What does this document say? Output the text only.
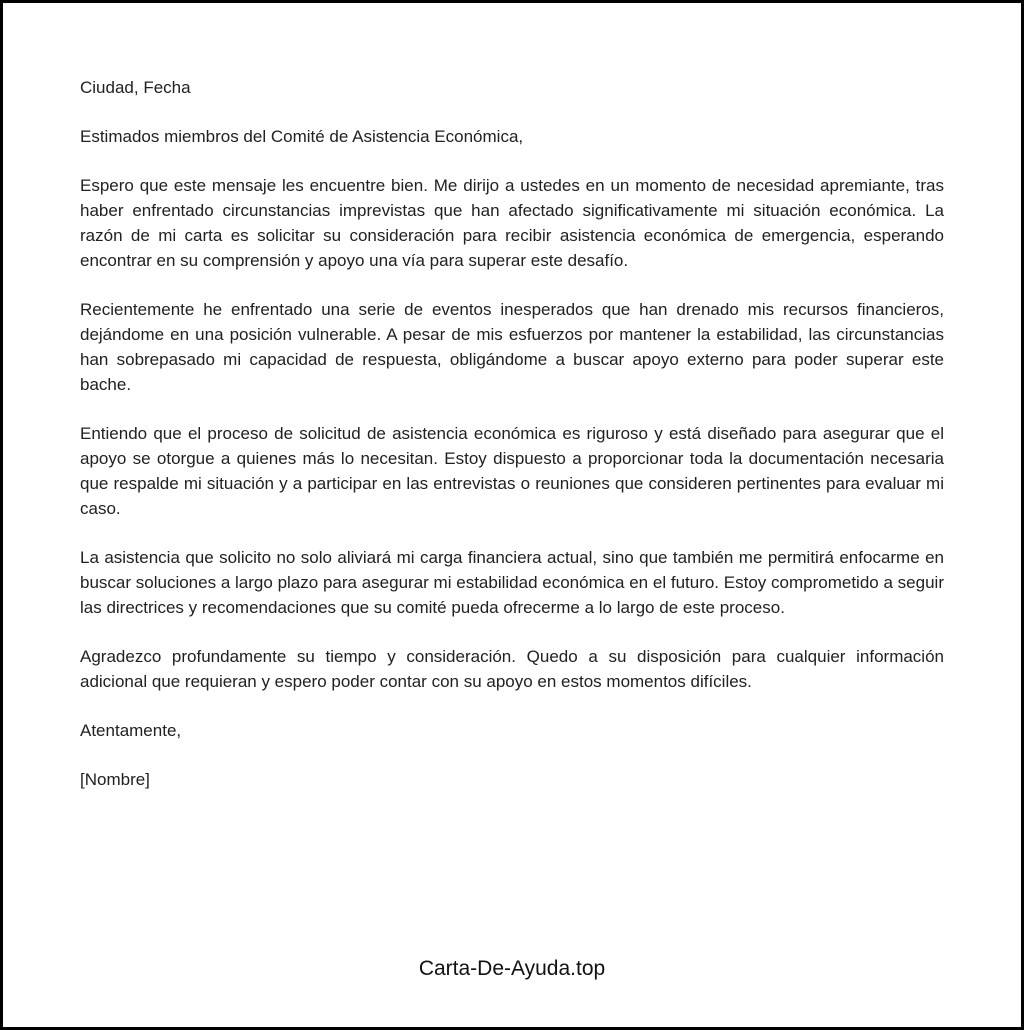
Ciudad, Fecha

Estimados miembros del Comité de Asistencia Económica,

Espero que este mensaje les encuentre bien. Me dirijo a ustedes en un momento de necesidad apremiante, tras haber enfrentado circunstancias imprevistas que han afectado significativamente mi situación económica. La razón de mi carta es solicitar su consideración para recibir asistencia económica de emergencia, esperando encontrar en su comprensión y apoyo una vía para superar este desafío.

Recientemente he enfrentado una serie de eventos inesperados que han drenado mis recursos financieros, dejándome en una posición vulnerable. A pesar de mis esfuerzos por mantener la estabilidad, las circunstancias han sobrepasado mi capacidad de respuesta, obligándome a buscar apoyo externo para poder superar este bache.

Entiendo que el proceso de solicitud de asistencia económica es riguroso y está diseñado para asegurar que el apoyo se otorgue a quienes más lo necesitan. Estoy dispuesto a proporcionar toda la documentación necesaria que respalde mi situación y a participar en las entrevistas o reuniones que consideren pertinentes para evaluar mi caso.

La asistencia que solicito no solo aliviará mi carga financiera actual, sino que también me permitirá enfocarme en buscar soluciones a largo plazo para asegurar mi estabilidad económica en el futuro. Estoy comprometido a seguir las directrices y recomendaciones que su comité pueda ofrecerme a lo largo de este proceso.

Agradezco profundamente su tiempo y consideración. Quedo a su disposición para cualquier información adicional que requieran y espero poder contar con su apoyo en estos momentos difíciles.

Atentamente,

[Nombre]

Carta-De-Ayuda.top
